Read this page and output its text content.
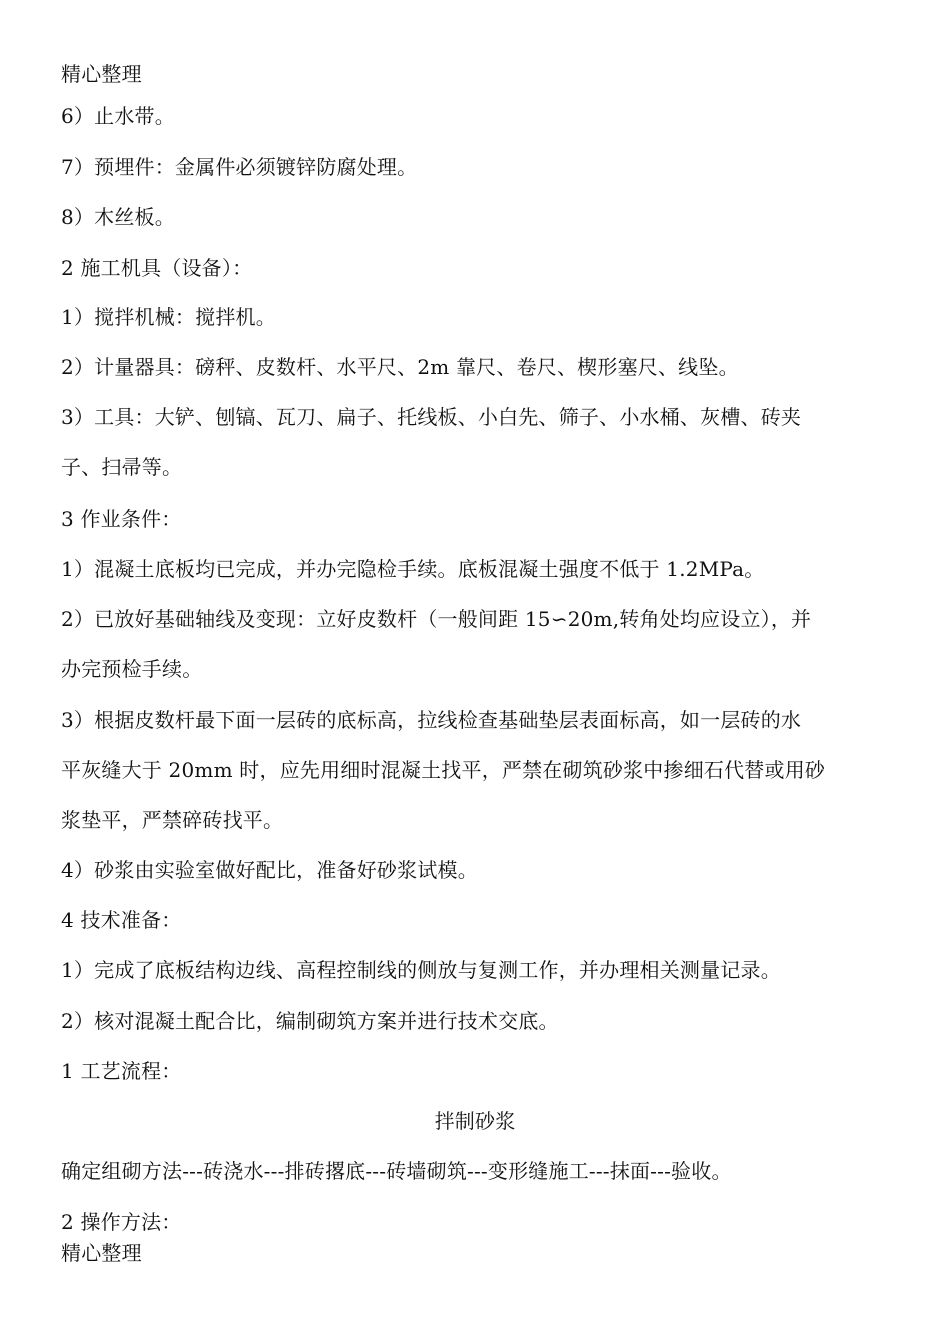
精心整理
6）止水带。
7）预埋件：金属件必须镀锌防腐处理。
8）木丝板。
2 施工机具（设备）：
1）搅拌机械：搅拌机。
2）计量器具：磅秤、皮数杆、水平尺、2m 靠尺、卷尺、楔形塞尺、线坠。
3）工具：大铲、刨镐、瓦刀、扁子、托线板、小白先、筛子、小水桶、灰槽、砖夹
子、扫帚等。
3 作业条件：
1）混凝土底板均已完成，并办完隐检手续。底板混凝土强度不低于 1.2MPa。
2）已放好基础轴线及变现：立好皮数杆（一般间距 15∽20m,转角处均应设立），并
办完预检手续。
3）根据皮数杆最下面一层砖的底标高，拉线检查基础垫层表面标高，如一层砖的水
平灰缝大于 20mm 时，应先用细时混凝土找平，严禁在砌筑砂浆中掺细石代替或用砂
浆垫平，严禁碎砖找平。
4）砂浆由实验室做好配比，准备好砂浆试模。
4 技术准备：
1）完成了底板结构边线、高程控制线的侧放与复测工作，并办理相关测量记录。
2）核对混凝土配合比，编制砌筑方案并进行技术交底。
1 工艺流程：
拌制砂浆
确定组砌方法---砖浇水---排砖撂底---砖墙砌筑---变形缝施工---抹面---验收。
2 操作方法：
精心整理
